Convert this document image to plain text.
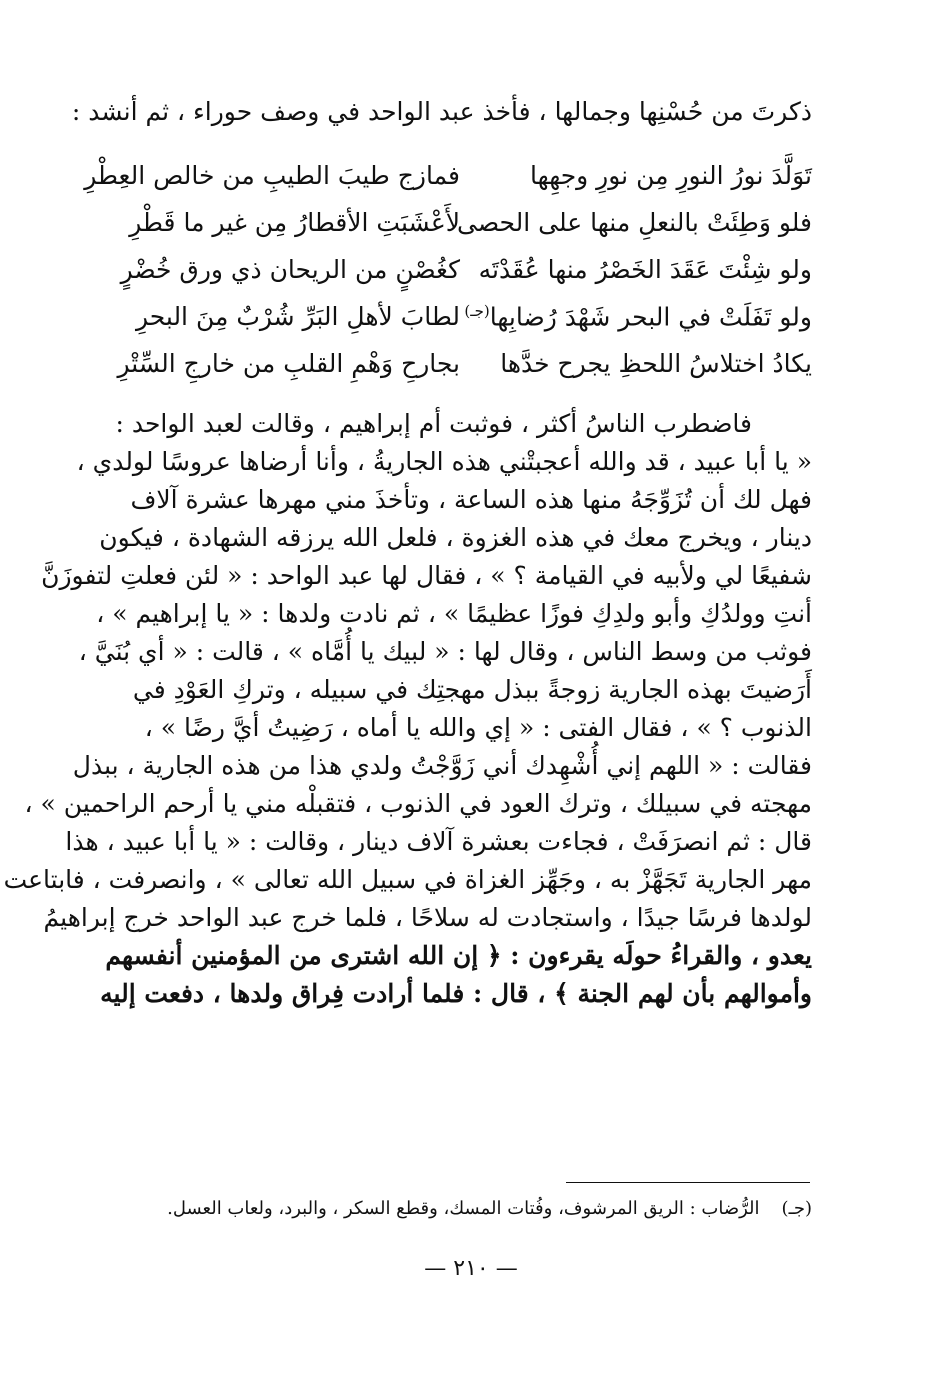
ذكرتَ من حُسْنِها وجمالها ، فأخذ عبد الواحد في وصف حوراء ، ثم أنشد :
تَوَلَّدَ نورُ النورِ مِن نورِ وجهِها
فمازج طيبَ الطيبِ من خالص العِطْرِ
فلو وَطِئَتْ بالنعلِ منها على الحصى
لأَعْشَبَتِ الأقطارُ مِن غير ما قَطْرِ
ولو شِئْتَ عَقَدَ الخَصْرُ منها عُقَدْتَه
كغُصْنٍ من الريحان ذي ورق خُضْرٍ
ولو تَفَلَتْ في البحر شَهْدَ رُضابِها$^{(جـ)}$
لطابَ لأهلِ البَرِّ شُرْبٌ مِنَ البحرِ
يكادُ اختلاسُ اللحظِ يجرح خدَّها
بجارحِ وَهْمِ القلبِ من خارجِ السِّتْرِ
فاضطرب الناسُ أكثر ، فوثبت أم إبراهيم ، وقالت لعبد الواحد :
« يا أبا عبيد ، قد والله أعجبتْني هذه الجاريةُ ، وأنا أرضاها عروسًا لولدي ،
فهل لك أن تُزَوِّجَهُ منها هذه الساعة ، وتأخذَ مني مهرها عشرة آلاف
دينار ، ويخرج معك في هذه الغزوة ، فلعل الله يرزقه الشهادة ، فيكون
شفيعًا لي ولأبيه في القيامة ؟ » ، فقال لها عبد الواحد : « لئن فعلتِ لتفوزَنَّ
أنتِ وولدُكِ وأبو ولدِكِ فوزًا عظيمًا » ، ثم نادت ولدها : « يا إبراهيم » ،
فوثب من وسط الناس ، وقال لها : « لبيك يا أُمَّاه » ، قالت : « أي بُنَيَّ ،
أَرَضيتَ بهذه الجارية زوجةً ببذل مهجتِك في سبيله ، وتركِ العَوْدِ في
الذنوب ؟ » ، فقال الفتى : « إي والله يا أماه ، رَضِيتُ أيَّ رضًا » ،
فقالت : « اللهم إني أُشْهِدك أني زَوَّجْتُ ولدي هذا من هذه الجارية ، ببذل
مهجته في سبيلك ، وترك العود في الذنوب ، فتقبلْه مني يا أرحم الراحمين » ،
قال : ثم انصرَفَتْ ، فجاءت بعشرة آلاف دينار ، وقالت : « يا أبا عبيد ، هذا
مهر الجارية تَجَهَّزْ به ، وجَهِّز الغزاة في سبيل الله تعالى » ، وانصرفت ، فابتاعت
لولدها فرسًا جيدًا ، واستجادت له سلاحًا ، فلما خرج عبد الواحد خرج إبراهيمُ
يعدو ، والقراءُ حولَه يقرءون : ﴿ إن الله اشترى من المؤمنين أنفسهم
وأموالهم بأن لهم الجنة ﴾ ، قال : فلما أرادت فِراق ولدها ، دفعت إليه
(جـ)الرُّضاب : الريق المرشوف، وفُتات المسك، وقطع السكر ، والبرد، ولعاب العسل.
— ٢١٠ —
